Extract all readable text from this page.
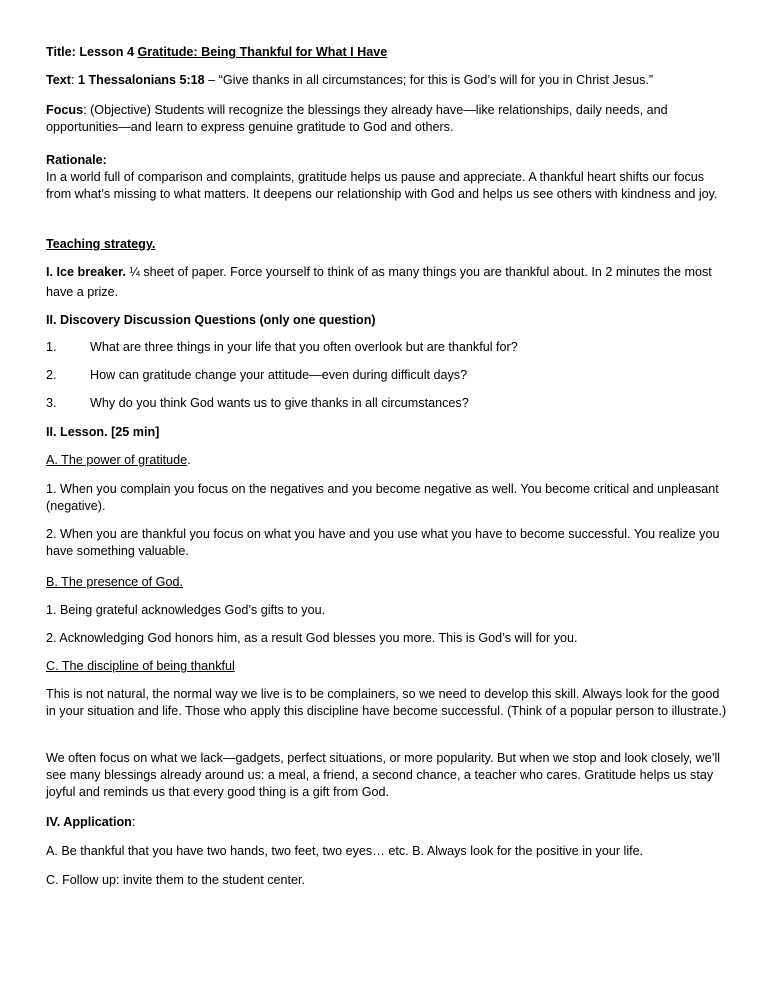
Title: Lesson 4 Gratitude: Being Thankful for What I Have

Text: 1 Thessalonians 5:18 – “Give thanks in all circumstances; for this is God’s will for you in Christ Jesus.”

Focus: (Objective) Students will recognize the blessings they already have—like relationships, daily needs, and opportunities—and learn to express genuine gratitude to God and others.

Rationale:

In a world full of comparison and complaints, gratitude helps us pause and appreciate. A thankful heart shifts our focus from what’s missing to what matters. It deepens our relationship with God and helps us see others with kindness and joy.

Teaching strategy.

I. Ice breaker. ¼ sheet of paper. Force yourself to think of as many things you are thankful about. In 2 minutes the most have a prize.

II. Discovery Discussion Questions (only one question)

1.	What are three things in your life that you often overlook but are thankful for?

2.	How can gratitude change your attitude—even during difficult days?

3.	Why do you think God wants us to give thanks in all circumstances?

II. Lesson. [25 min]

A. The power of gratitude.

1. When you complain you focus on the negatives and you become negative as well. You become critical and unpleasant (negative).

2. When you are thankful you focus on what you have and you use what you have to become successful. You realize you have something valuable.

B. The presence of God.

1. Being grateful acknowledges God’s gifts to you.

2. Acknowledging God honors him, as a result God blesses you more. This is God’s will for you.

C. The discipline of being thankful

This is not natural, the normal way we live is to be complainers, so we need to develop this skill. Always look for the good in your situation and life. Those who apply this discipline have become successful. (Think of a popular person to illustrate.)

We often focus on what we lack—gadgets, perfect situations, or more popularity. But when we stop and look closely, we’ll see many blessings already around us: a meal, a friend, a second chance, a teacher who cares. Gratitude helps us stay joyful and reminds us that every good thing is a gift from God.

IV. Application:

A. Be thankful that you have two hands, two feet, two eyes… etc. B. Always look for the positive in your life.

C. Follow up: invite them to the student center.
